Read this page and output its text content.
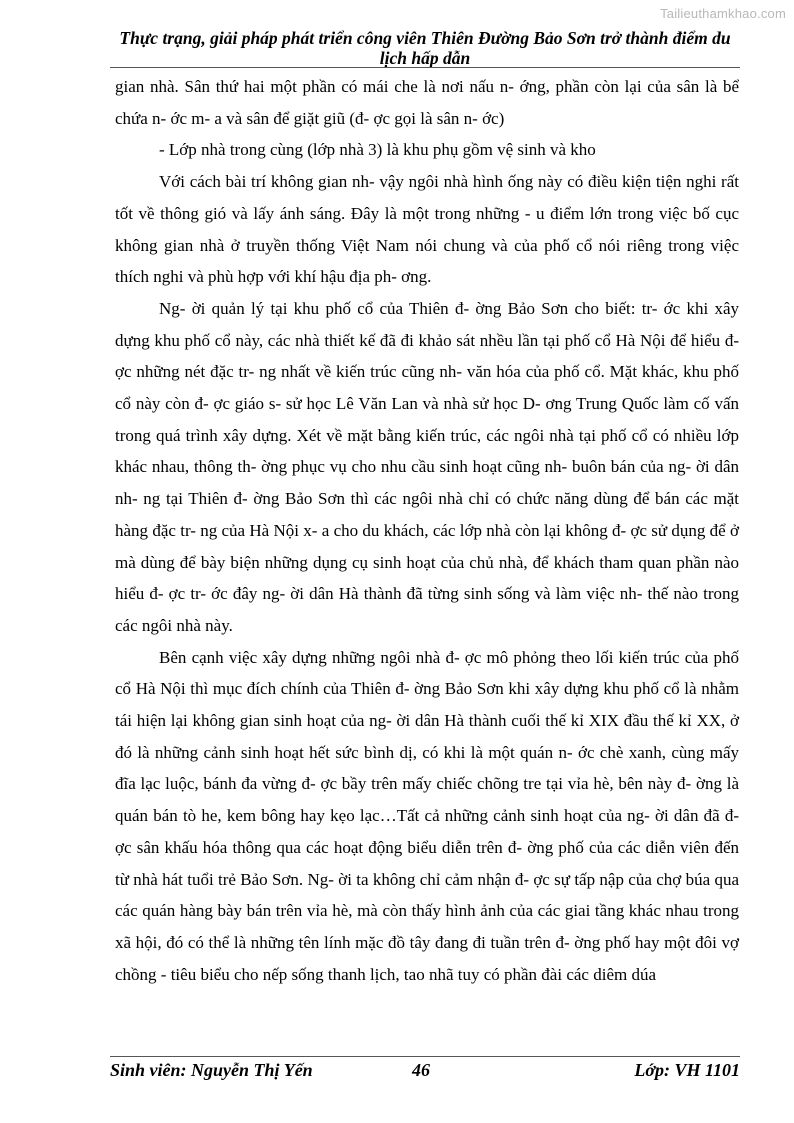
Tailieuthamkhao.com
Thực trạng, giải pháp phát triển công viên Thiên Đường Bảo Sơn trở thành điểm du lịch hấp dẫn

gian nhà. Sân thứ hai một phần có mái che là nơi nấu n- ớng, phần còn lại của sân là bể chứa n- ớc m- a và sân để giặt giũ (đ- ợc gọi là sân n- ớc)

- Lớp nhà trong cùng (lớp nhà 3) là khu phụ gồm vệ sinh và kho

Với cách bài trí không gian nh- vậy ngôi nhà hình ống này có điều kiện tiện nghi rất tốt về thông gió và lấy ánh sáng. Đây là một trong những - u điểm lớn trong việc bố cục không gian nhà ở truyền thống Việt Nam nói chung và của phố cổ nói riêng trong việc thích nghi và phù hợp với khí hậu địa ph- ơng.

Ng- ời quản lý tại khu phố cổ của Thiên đ- ờng Bảo Sơn cho biết: tr- ớc khi xây dựng khu phố cổ này, các nhà thiết kế đã đi khảo sát nhều lần tại phố cổ Hà Nội để hiểu đ- ợc những nét đặc tr- ng nhất về kiến trúc cũng nh- văn hóa của phố cổ. Mặt khác, khu phố cổ này còn đ- ợc giáo s- sử học Lê Văn Lan và nhà sử học D- ơng Trung Quốc làm cố vấn trong quá trình xây dựng. Xét về mặt bằng kiến trúc, các ngôi nhà tại phố cổ có nhiều lớp khác nhau, thông th- ờng phục vụ cho nhu cầu sinh hoạt cũng nh- buôn bán của ng- ời dân nh- ng tại Thiên đ- ờng Bảo Sơn thì các ngôi nhà chỉ có chức năng dùng để bán các mặt hàng đặc tr- ng của Hà Nội x- a cho du khách, các lớp nhà còn lại không đ- ợc sử dụng để ở mà dùng để bày biện những dụng cụ sinh hoạt của chủ nhà, để khách tham quan phần nào hiểu đ- ợc tr- ớc đây ng- ời dân Hà thành đã từng sinh sống và làm việc nh- thế nào trong các ngôi nhà này.

Bên cạnh việc xây dựng những ngôi nhà đ- ợc mô phỏng theo lối kiến trúc của phố cổ Hà Nội thì mục đích chính của Thiên đ- ờng Bảo Sơn khi xây dựng khu phố cổ là nhằm tái hiện lại không gian sinh hoạt của ng- ời dân Hà thành cuối thế kỉ XIX đầu thế kỉ XX, ở đó là những cảnh sinh hoạt hết sức bình dị, có khi là một quán n- ớc chè xanh, cùng mấy đĩa lạc luộc, bánh đa vừng đ- ợc bầy trên mấy chiếc chõng tre tại vỉa hè, bên này đ- ờng là quán bán tò he, kem bông hay kẹo lạc…Tất cả những cảnh sinh hoạt của ng- ời dân đã đ- ợc sân khấu hóa thông qua các hoạt động biểu diễn trên đ- ờng phố của các diễn viên đến từ nhà hát tuổi trẻ Bảo Sơn. Ng- ời ta không chỉ cảm nhận đ- ợc sự tấp nập của chợ búa qua các quán hàng bày bán trên vỉa hè, mà còn thấy hình ảnh của các giai tầng khác nhau trong xã hội, đó có thể là những tên lính mặc đồ tây đang đi tuần trên đ- ờng phố hay một đôi vợ chồng - tiêu biểu cho nếp sống thanh lịch, tao nhã tuy có phần đài các diêm dúa

Sinh viên: Nguyễn Thị Yến	46	Lớp: VH 1101
